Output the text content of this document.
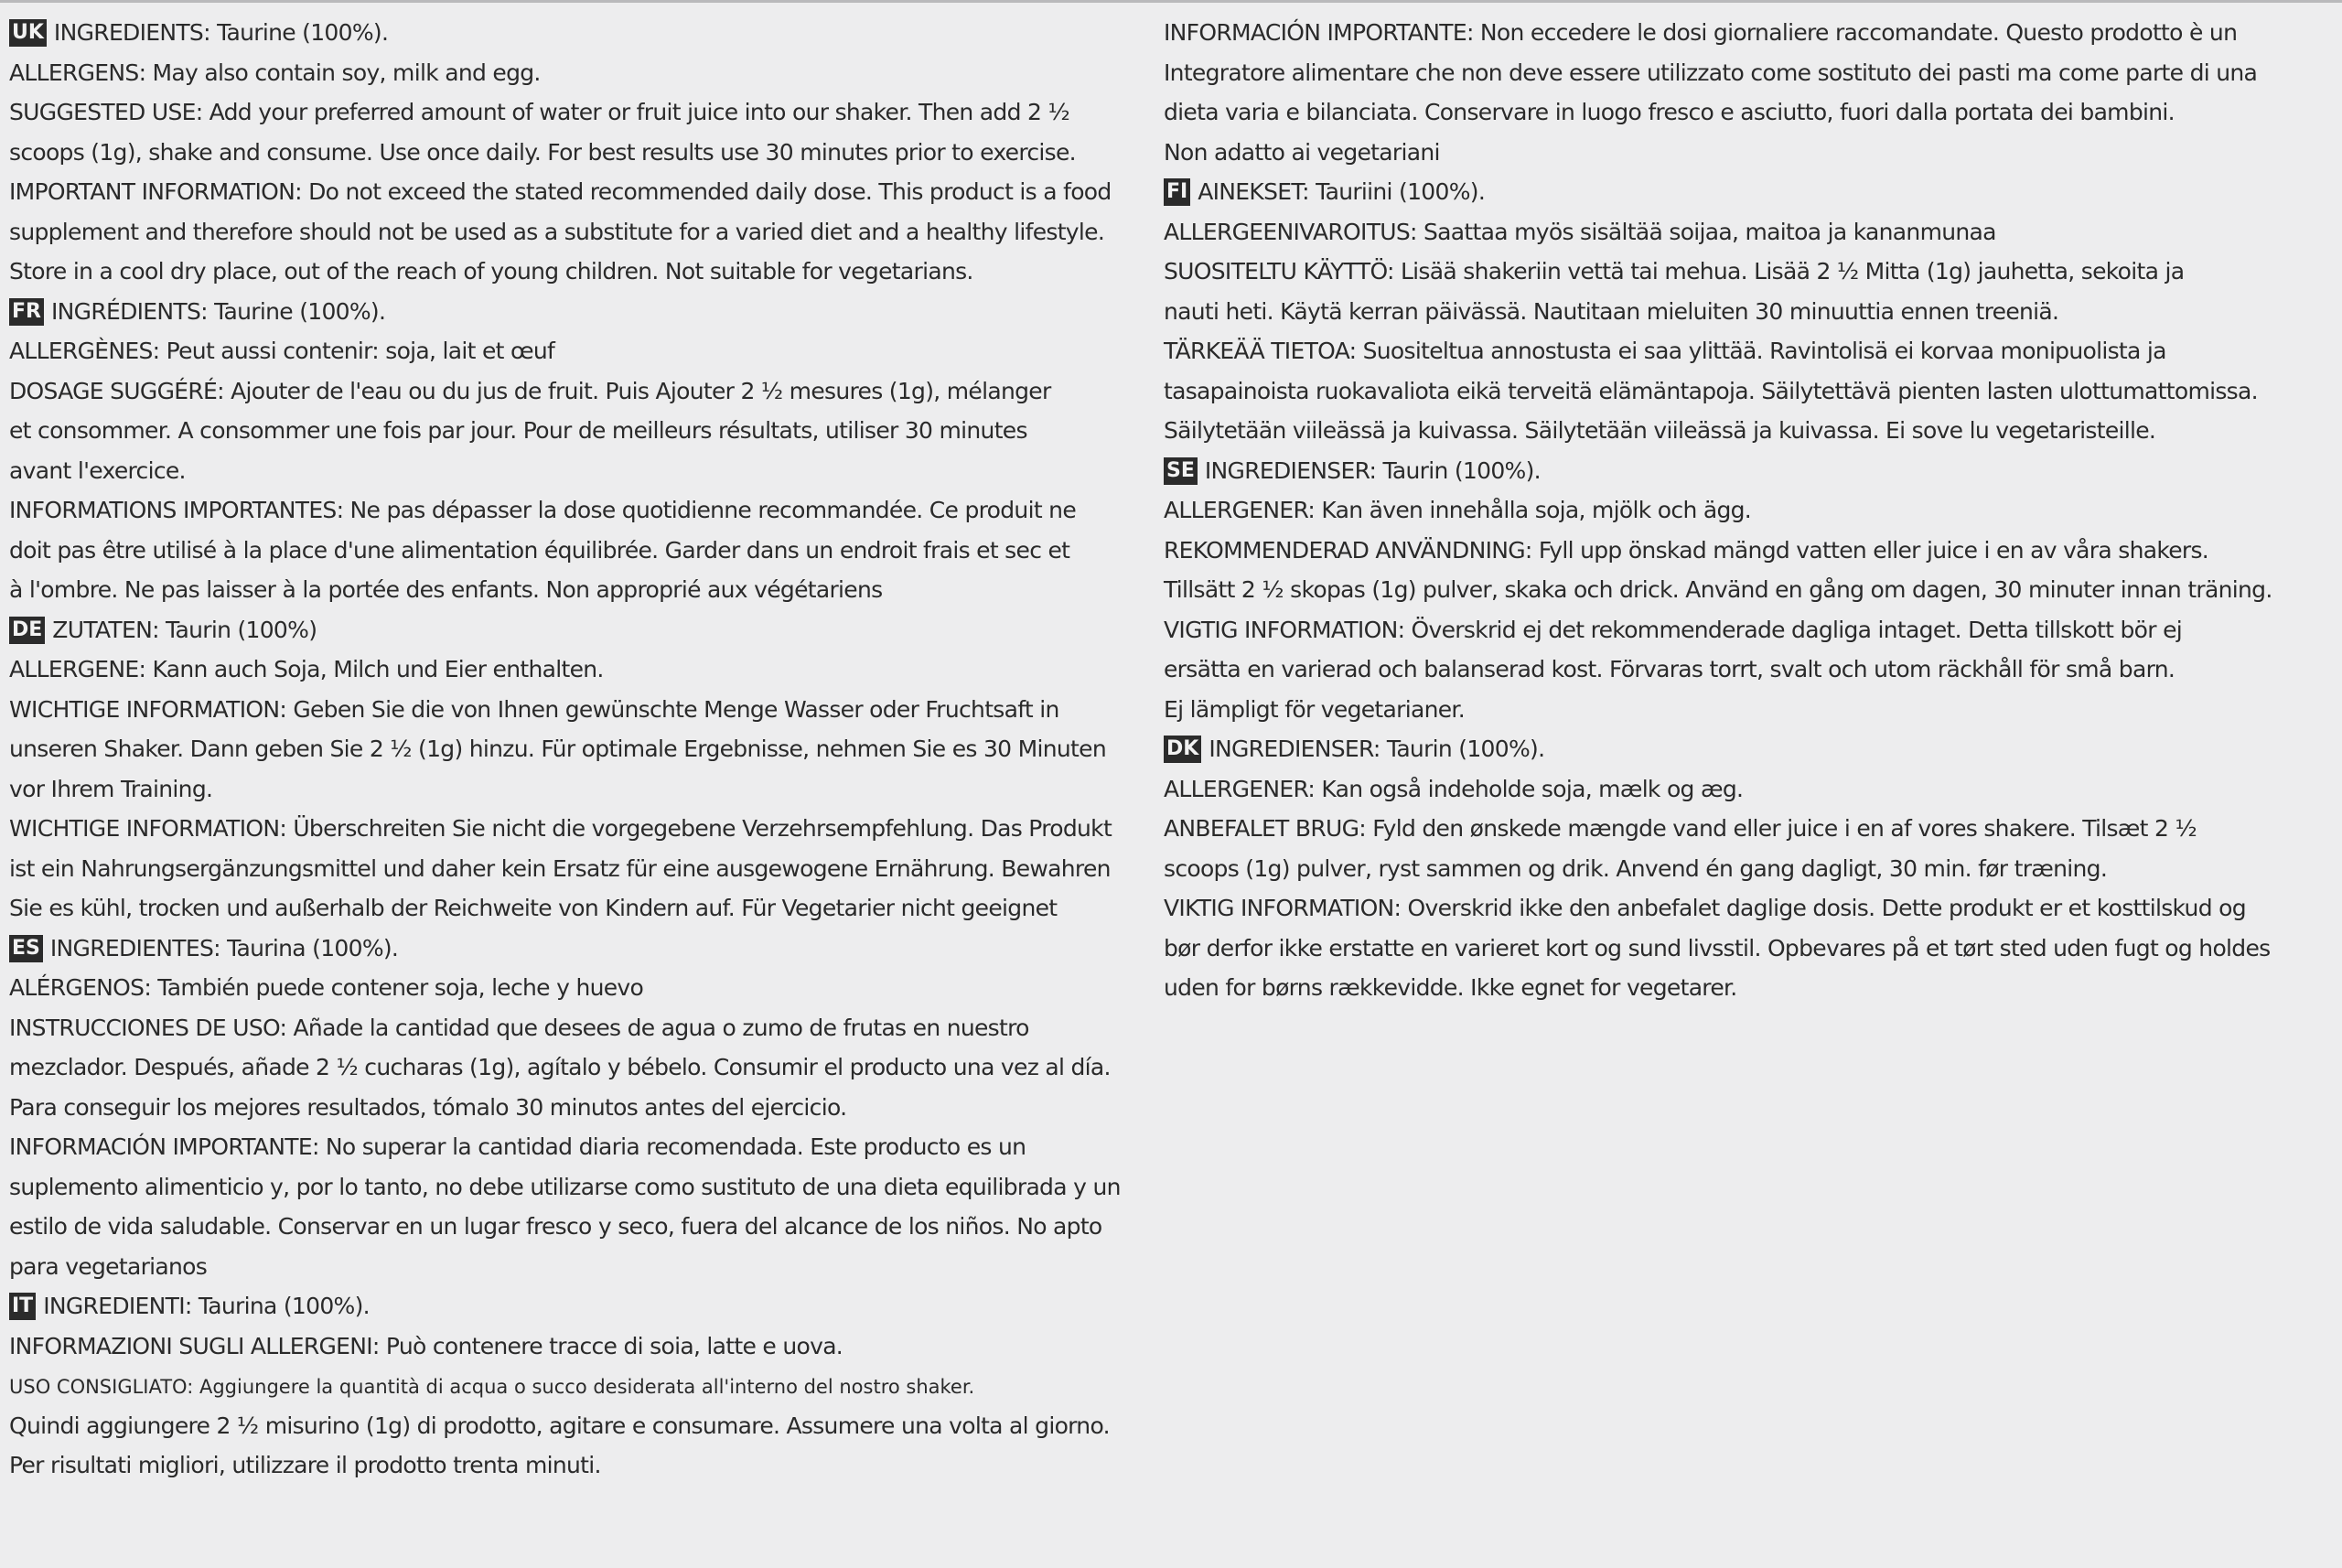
UK INGREDIENTS: Taurine (100%).
ALLERGENS: May also contain soy, milk and egg.
SUGGESTED USE: Add your preferred amount of water or fruit juice into our shaker. Then add 2 ½
scoops (1g), shake and consume. Use once daily. For best results use 30 minutes prior to exercise.
IMPORTANT INFORMATION: Do not exceed the stated recommended daily dose. This product is a food
supplement and therefore should not be used as a substitute for a varied diet and a healthy lifestyle.
Store in a cool dry place, out of the reach of young children. Not suitable for vegetarians.
FR INGRÉDIENTS: Taurine (100%).
ALLERGÈNES: Peut aussi contenir: soja, lait et œuf
DOSAGE SUGGÉRÉ: Ajouter de l'eau ou du jus de fruit. Puis Ajouter 2 ½ mesures (1g), mélanger
et consommer. A consommer une fois par jour. Pour de meilleurs résultats, utiliser 30 minutes
avant l'exercice.
INFORMATIONS IMPORTANTES: Ne pas dépasser la dose quotidienne recommandée. Ce produit ne
doit pas être utilisé à la place d'une alimentation équilibrée. Garder dans un endroit frais et sec et
à l'ombre. Ne pas laisser à la portée des enfants. Non approprié aux végétariens
DE ZUTATEN: Taurin (100%)
ALLERGENE: Kann auch Soja, Milch und Eier enthalten.
WICHTIGE INFORMATION: Geben Sie die von Ihnen gewünschte Menge Wasser oder Fruchtsaft in
unseren Shaker. Dann geben Sie 2 ½ (1g) hinzu. Für optimale Ergebnisse, nehmen Sie es 30 Minuten
vor Ihrem Training.
WICHTIGE INFORMATION: Überschreiten Sie nicht die vorgegebene Verzehrsempfehlung. Das Produkt
ist ein Nahrungsergänzungsmittel und daher kein Ersatz für eine ausgewogene Ernährung. Bewahren
Sie es kühl, trocken und außerhalb der Reichweite von Kindern auf. Für Vegetarier nicht geeignet
ES INGREDIENTES: Taurina (100%).
ALÉRGENOS: También puede contener soja, leche y huevo
INSTRUCCIONES DE USO: Añade la cantidad que desees de agua o zumo de frutas en nuestro
mezclador. Después, añade 2 ½ cucharas (1g), agítalo y bébelo. Consumir el producto una vez al día.
Para conseguir los mejores resultados, tómalo 30 minutos antes del ejercicio.
INFORMACIÓN IMPORTANTE: No superar la cantidad diaria recomendada. Este producto es un
suplemento alimenticio y, por lo tanto, no debe utilizarse como sustituto de una dieta equilibrada y un
estilo de vida saludable. Conservar en un lugar fresco y seco, fuera del alcance de los niños. No apto
para vegetarianos
IT INGREDIENTI: Taurina (100%).
INFORMAZIONI SUGLI ALLERGENI: Può contenere tracce di soia, latte e uova.
USO CONSIGLIATO: Aggiungere la quantità di acqua o succo desiderata all'interno del nostro shaker.
Quindi aggiungere 2 ½ misurino (1g) di prodotto, agitare e consumare. Assumere una volta al giorno.
Per risultati migliori, utilizzare il prodotto trenta minuti.
INFORMACIÓN IMPORTANTE: Non eccedere le dosi giornaliere raccomandate. Questo prodotto è un
Integratore alimentare che non deve essere utilizzato come sostituto dei pasti ma come parte di una
dieta varia e bilanciata. Conservare in luogo fresco e asciutto, fuori dalla portata dei bambini.
Non adatto ai vegetariani
FI AINEKSET: Tauriini (100%).
ALLERGEENIVAROITUS: Saattaa myös sisältää soijaa, maitoa ja kananmunaa
SUOSITELTU KÄYTTÖ: Lisää shakeriin vettä tai mehua. Lisää 2 ½ Mitta (1g) jauhetta, sekoita ja
nauti heti. Käytä kerran päivässä. Nautitaan mieluiten 30 minuuttia ennen treeniä.
TÄRKEÄÄ TIETOA: Suositeltua annostusta ei saa ylittää. Ravintolisä ei korvaa monipuolista ja
tasapainoista ruokavaliota eikä terveitä elämäntapoja. Säilytettävä pienten lasten ulottumattomissa.
Säilytetään viileässä ja kuivassa. Säilytetään viileässä ja kuivassa. Ei sove lu vegetaristeille.
SE INGREDIENSER: Taurin (100%).
ALLERGENER: Kan även innehålla soja, mjölk och ägg.
REKOMMENDERAD ANVÄNDNING: Fyll upp önskad mängd vatten eller juice i en av våra shakers.
Tillsätt 2 ½ skopas (1g) pulver, skaka och drick. Använd en gång om dagen, 30 minuter innan träning.
VIGTIG INFORMATION: Överskrid ej det rekommenderade dagliga intaget. Detta tillskott bör ej
ersätta en varierad och balanserad kost. Förvaras torrt, svalt och utom räckhåll för små barn.
Ej lämpligt för vegetarianer.
DK INGREDIENSER: Taurin (100%).
ALLERGENER: Kan også indeholde soja, mælk og æg.
ANBEFALET BRUG: Fyld den ønskede mængde vand eller juice i en af vores shakere. Tilsæt 2 ½
scoops (1g) pulver, ryst sammen og drik. Anvend én gang dagligt, 30 min. før træning.
VIKTIG INFORMATION: Overskrid ikke den anbefalet daglige dosis. Dette produkt er et kosttilskud og
bør derfor ikke erstatte en varieret kort og sund livsstil. Opbevares på et tørt sted uden fugt og holdes
uden for børns rækkevidde. Ikke egnet for vegetarer.
